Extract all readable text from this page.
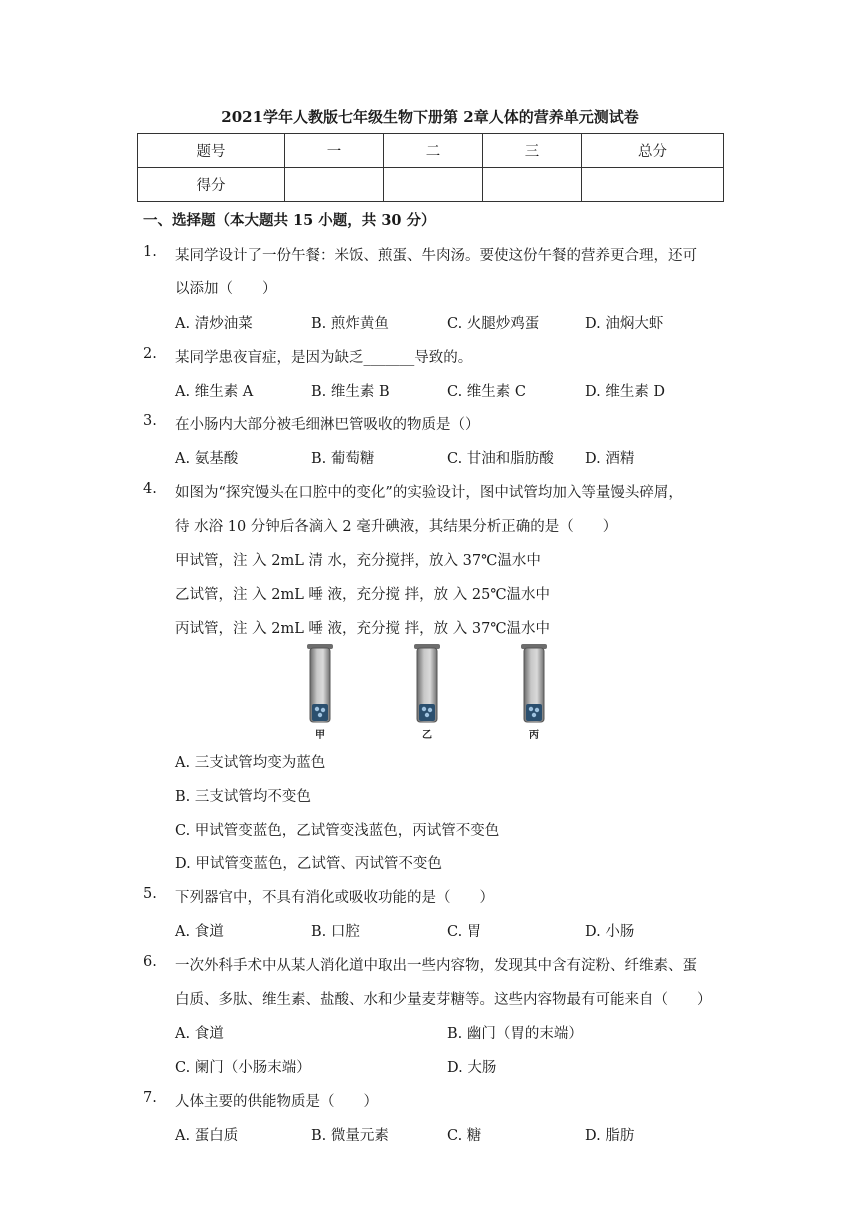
2021学年人教版七年级生物下册第 2章人体的营养单元测试卷
题号	一	二	三	总分
得分				
一、选择题（本大题共 15 小题，共 30 分）
1. 某同学设计了一份午餐：米饭、煎蛋、牛肉汤。要使这份午餐的营养更合理，还可
以添加（　　）
A. 清炒油菜	B. 煎炸黄鱼	C. 火腿炒鸡蛋	D. 油焖大虾
2. 某同学患夜盲症，是因为缺乏_______导致的。
A. 维生素 A	B. 维生素 B	C. 维生素 C	D. 维生素 D
3. 在小肠内大部分被毛细淋巴管吸收的物质是（）
A. 氨基酸	B. 葡萄糖	C. 甘油和脂肪酸 D. 酒精
4. 如图为“探究馒头在口腔中的变化”的实验设计，图中试管均加入等量馒头碎屑，
待 水浴 10 分钟后各滴入 2 毫升碘液，其结果分析正确的是（　　）
甲试管，注 入 2mL 清 水，充分搅拌，放入 37℃温水中
乙试管，注 入 2mL 唾 液，充分搅 拌，放 入 25℃温水中
丙试管，注 入 2mL 唾 液，充分搅 拌，放 入 37℃温水中
甲	乙	丙
A. 三支试管均变为蓝色
B. 三支试管均不变色
C. 甲试管变蓝色，乙试管变浅蓝色，丙试管不变色
D. 甲试管变蓝色，乙试管、丙试管不变色
5. 下列器官中，不具有消化或吸收功能的是（　　）
A. 食道	B. 口腔	C. 胃	D. 小肠
6. 一次外科手术中从某人消化道中取出一些内容物，发现其中含有淀粉、纤维素、蛋
白质、多肽、维生素、盐酸、水和少量麦芽糖等。这些内容物最有可能来自（　　）
A. 食道	B. 幽门（胃的末端）
C. 阑门（小肠末端）	D. 大肠
7. 人体主要的供能物质是（　　）
A. 蛋白质	B. 微量元素	C. 糖	D. 脂肪
